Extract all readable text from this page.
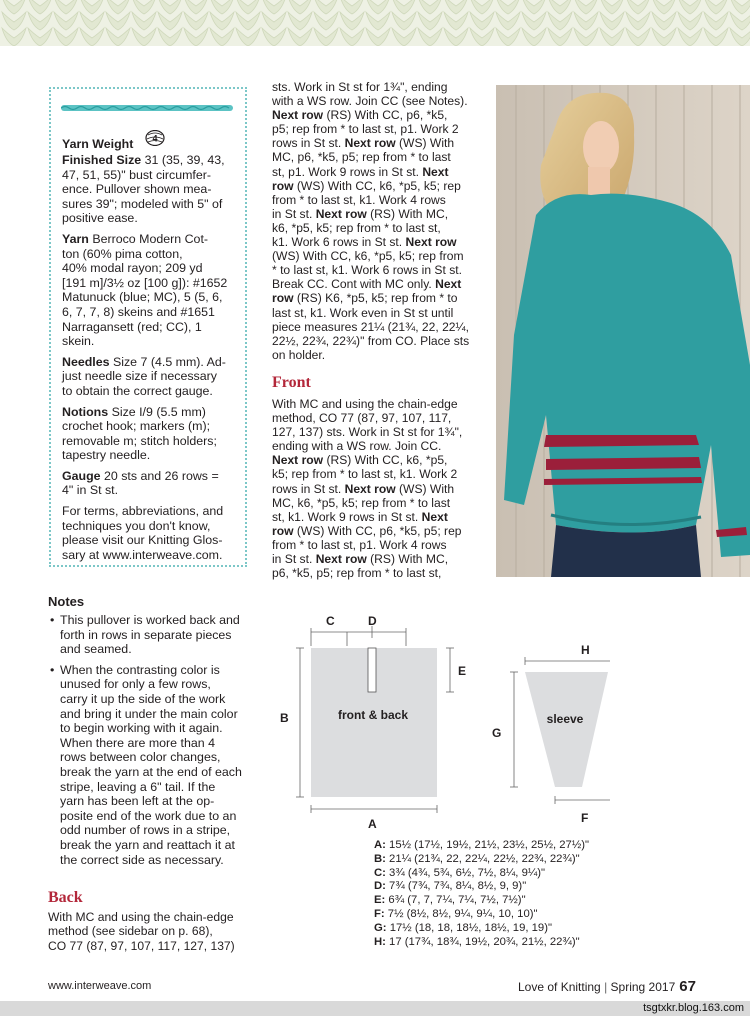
Yarn Weight 4

Finished Size 31 (35, 39, 43,
47, 51, 55)" bust circumfer-
ence. Pullover shown mea-
sures 39"; modeled with 5" of
positive ease.

Yarn Berroco Modern Cot-
ton (60% pima cotton,
40% modal rayon; 209 yd
[191 m]/3½ oz [100 g]): #1652
Matunuck (blue; MC), 5 (5, 6,
6, 7, 7, 8) skeins and #1651
Narragansett (red; CC), 1
skein.

Needles Size 7 (4.5 mm). Ad-
just needle size if necessary
to obtain the correct gauge.

Notions Size I/9 (5.5 mm)
crochet hook; markers (m);
removable m; stitch holders;
tapestry needle.

Gauge 20 sts and 26 rows =
4" in St st.

For terms, abbreviations, and
techniques you don't know,
please visit our Knitting Glos-
sary at www.interweave.com.

Notes
• This pullover is worked back and
forth in rows in separate pieces
and seamed.
• When the contrasting color is
unused for only a few rows,
carry it up the side of the work
and bring it under the main color
to begin working with it again.
When there are more than 4
rows between color changes,
break the yarn at the end of each
stripe, leaving a 6" tail. If the
yarn has been left at the op-
posite end of the work due to an
odd number of rows in a stripe,
break the yarn and reattach it at
the correct side as necessary.
Back
With MC and using the chain-edge
method (see sidebar on p. 68),
CO 77 (87, 97, 107, 117, 127, 137)
sts. Work in St st for 1¾", ending
with a WS row. Join CC (see Notes).
Next row (RS) With CC, p6, *k5,
p5; rep from * to last st, p1. Work 2
rows in St st. Next row (WS) With
MC, p6, *k5, p5; rep from * to last
st, p1. Work 9 rows in St st. Next
row (WS) With CC, k6, *p5, k5; rep
from * to last st, k1. Work 4 rows
in St st. Next row (RS) With MC,
k6, *p5, k5; rep from * to last st,
k1. Work 6 rows in St st. Next row
(WS) With CC, k6, *p5, k5; rep from
* to last st, k1. Work 6 rows in St st.
Break CC. Cont with MC only. Next
row (RS) K6, *p5, k5; rep from * to
last st, k1. Work even in St st until
piece measures 21¼ (21¾, 22, 22¼,
22½, 22¾, 22¾)" from CO. Place sts
on holder.
Front
With MC and using the chain-edge
method, CO 77 (87, 97, 107, 117,
127, 137) sts. Work in St st for 1¾",
ending with a WS row. Join CC.
Next row (RS) With CC, k6, *p5,
k5; rep from * to last st, k1. Work 2
rows in St st. Next row (WS) With
MC, k6, *p5, k5; rep from * to last
st, k1. Work 9 rows in St st. Next
row (WS) With CC, p6, *k5, p5; rep
from * to last st, p1. Work 4 rows
in St st. Next row (RS) With MC,
p6, *k5, p5; rep from * to last st,
C	D
E
B
A
H
G
F
front & back	sleeve
A: 15½ (17½, 19½, 21½, 23½, 25½, 27½)"
B: 21¼ (21¾, 22, 22¼, 22½, 22¾, 22¾)"
C: 3¾ (4¾, 5¾, 6½, 7½, 8¼, 9¼)"
D: 7¾ (7¾, 7¾, 8¼, 8½, 9, 9)"
E: 6¾ (7, 7, 7¼, 7¼, 7½, 7½)"
F: 7½ (8½, 8½, 9¼, 9¼, 10, 10)"
G: 17½ (18, 18, 18½, 18½, 19, 19)"
H: 17 (17¾, 18¾, 19½, 20¾, 21½, 22¾)"
www.interweave.com	Love of Knitting | Spring 2017 67
tsgtxkr.blog.163.com
